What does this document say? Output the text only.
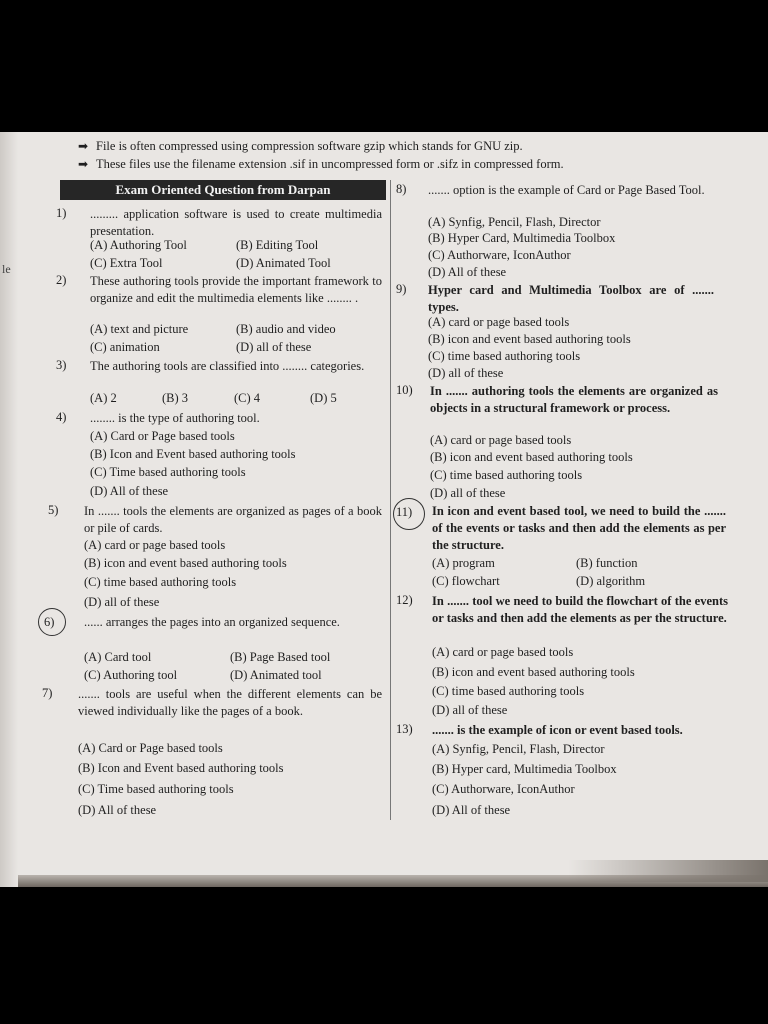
le
➡ File is often compressed using compression software gzip which stands for GNU zip.
➡ These files use the filename extension .sif in uncompressed form or .sifz in compressed form.
Exam Oriented Question from Darpan
1)	......... application software is used to create multimedia presentation.
(A) Authoring Tool	(B) Editing Tool
(C) Extra Tool	(D) Animated Tool
2)	These authoring tools provide the important framework to organize and edit the multimedia elements like ........ .
(A) text and picture	(B) audio and video
(C) animation	(D) all of these
3)	The authoring tools are classified into ........ categories.
(A) 2	(B) 3	(C) 4	(D) 5
4)	........ is the type of authoring tool.
(A) Card or Page based tools
(B) Icon and Event based authoring tools
(C) Time based authoring tools
(D) All of these
5)	In ....... tools the elements are organized as pages of a book or pile of cards.
(A) card or page based tools
(B) icon and event based authoring tools
(C) time based authoring tools
(D) all of these
6)	...... arranges the pages into an organized sequence.
(A) Card tool	(B) Page Based tool
(C) Authoring tool	(D) Animated tool
7)	....... tools are useful when the different elements can be viewed individually like the pages of a book.
(A) Card or Page based tools
(B) Icon and Event based authoring tools
(C) Time based authoring tools
(D) All of these
8)	....... option is the example of Card or Page Based Tool.
(A) Synfig, Pencil, Flash, Director
(B) Hyper Card, Multimedia Toolbox
(C) Authorware, IconAuthor
(D) All of these
9)	Hyper card and Multimedia Toolbox are of ....... types.
(A) card or page based tools
(B) icon and event based authoring tools
(C) time based authoring tools
(D) all of these
10)	In ....... authoring tools the elements are organized as objects in a structural framework or process.
(A) card or page based tools
(B) icon and event based authoring tools
(C) time based authoring tools
(D) all of these
11)	In icon and event based tool, we need to build the ....... of the events or tasks and then add the elements as per the structure.
(A) program	(B) function
(C) flowchart	(D) algorithm
12)	In ....... tool we need to build the flowchart of the events or tasks and then add the elements as per the structure.
(A) card or page based tools
(B) icon and event based authoring tools
(C) time based authoring tools
(D) all of these
13)	....... is the example of icon or event based tools.
(A) Synfig, Pencil, Flash, Director
(B) Hyper card, Multimedia Toolbox
(C) Authorware, IconAuthor
(D) All of these
